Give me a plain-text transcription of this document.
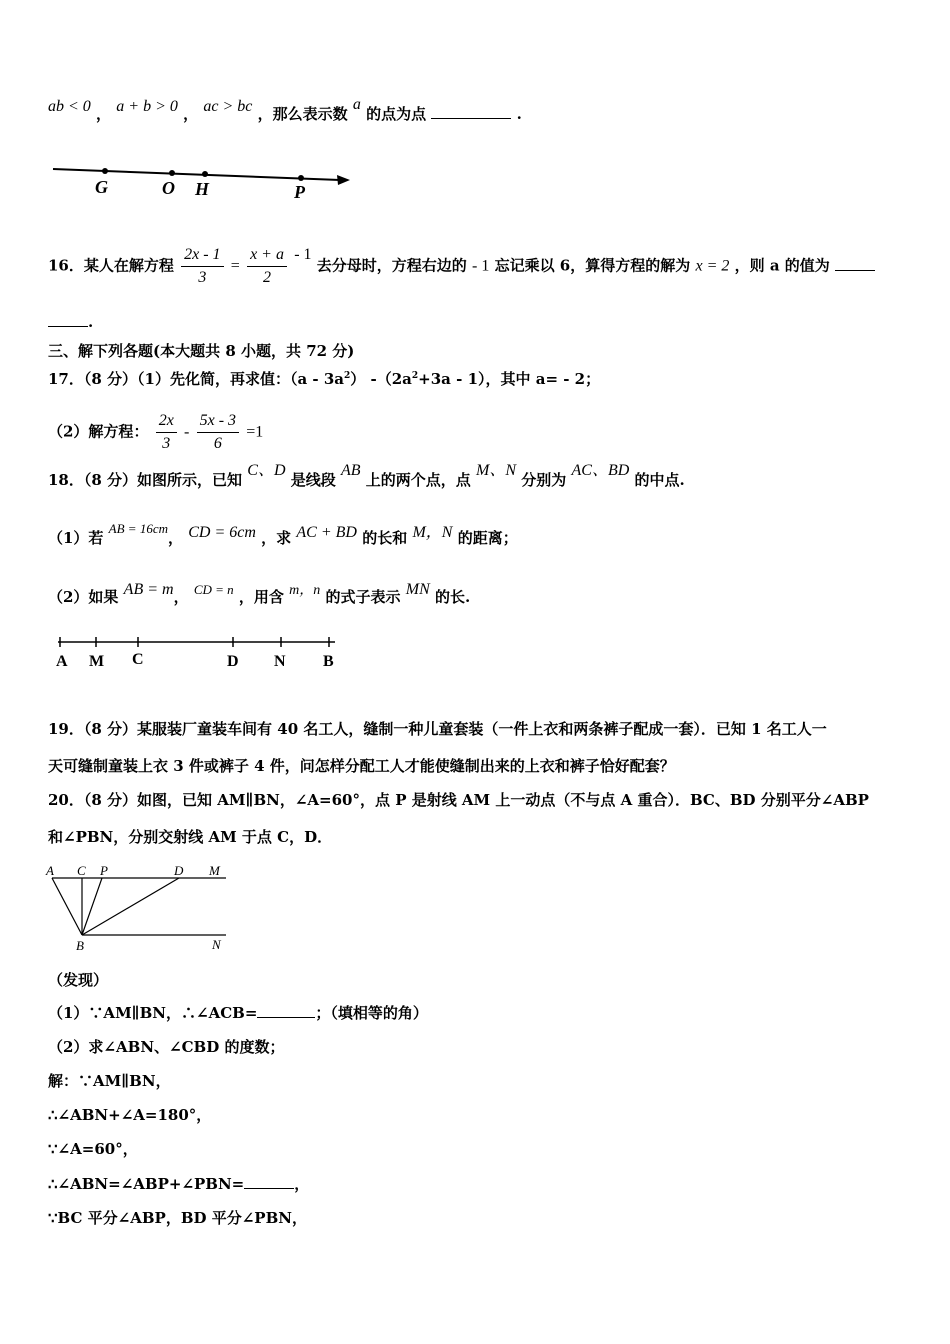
ab < 0 ， a + b > 0 ， ac > bc ，那么表示数 a 的点为点	.
G	O H	P
16．某人在解方程 $\frac{2x - 1}{3} = \frac{x + a}{2} - 1$ 去分母时，方程右边的 - 1 忘记乘以 6，算得方程的解为 x = 2 ，则 a 的值为
.
三、解下列各题(本大题共 8 小题，共 72 分)
17．（8 分）（1）先化简，再求值：$(a - 3a^2)$ $-(2a^2+3a - 1)$，其中 a= - 2；
（2）解方程： $\frac{2x}{3} - \frac{5x - 3}{6} =1$
18．（8 分）如图所示，已知 C、D 是线段 AB 上的两个点，点 M、N 分别为 AC、BD 的中点.
（1）若 AB = 16cm， CD = 6cm ，求 AC + BD 的长和 M，N 的距离；
（2）如果 AB = m， CD = n ，用含 m，n 的式子表示 MN 的长.
A M C	D N B
19．（8 分）某服装厂童装车间有 40 名工人，缝制一种儿童套装（一件上衣和两条裤子配成一套）．已知 1 名工人一
天可缝制童装上衣 3 件或裤子 4 件，问怎样分配工人才能使缝制出来的上衣和裤子恰好配套？
20．（8 分）如图，已知 AM∥BN，∠A=60°，点 P 是射线 AM 上一动点（不与点 A 重合）．BC、BD 分别平分∠ABP
和∠PBN，分别交射线 AM 于点 C，D．
A C P	D M
B	N
（发现）
（1）∵AM∥BN，∴∠ACB=	；（填相等的角）
（2）求∠ABN、∠CBD 的度数；
解：∵AM∥BN，
∴∠ABN+∠A=180°，
∵∠A=60°，
∴∠ABN=∠ABP+∠PBN=	，
∵BC 平分∠ABP，BD 平分∠PBN，
